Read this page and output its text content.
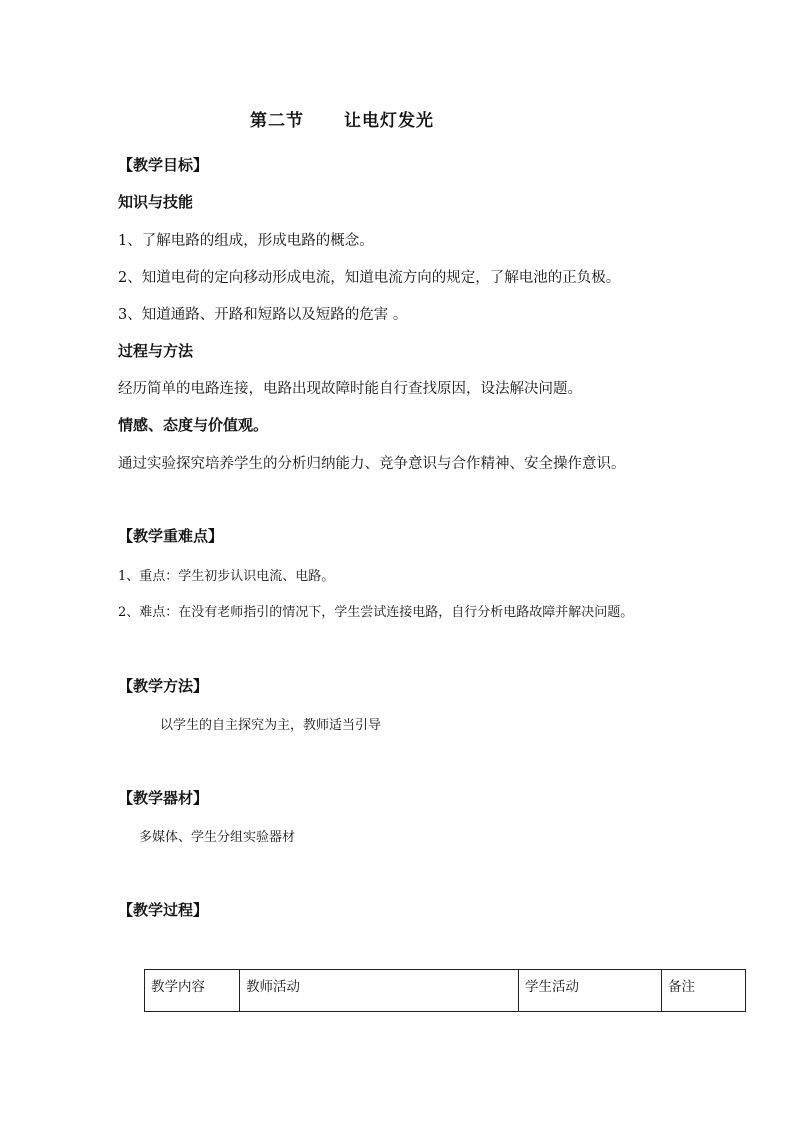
第二节 让电灯发光
【教学目标】
知识与技能
1、了解电路的组成，形成电路的概念。
2、知道电荷的定向移动形成电流，知道电流方向的规定，了解电池的正负极。
3、知道通路、开路和短路以及短路的危害 。
过程与方法
经历简单的电路连接，电路出现故障时能自行查找原因，设法解决问题。
情感、态度与价值观。
通过实验探究培养学生的分析归纳能力、竞争意识与合作精神、安全操作意识。
【教学重难点】
1、重点：学生初步认识电流、电路。
2、难点：在没有老师指引的情况下，学生尝试连接电路，自行分析电路故障并解决问题。
【教学方法】
以学生的自主探究为主，教师适当引导
【教学器材】
多媒体、学生分组实验器材
【教学过程】
教学内容	教师活动	学生活动	备注
